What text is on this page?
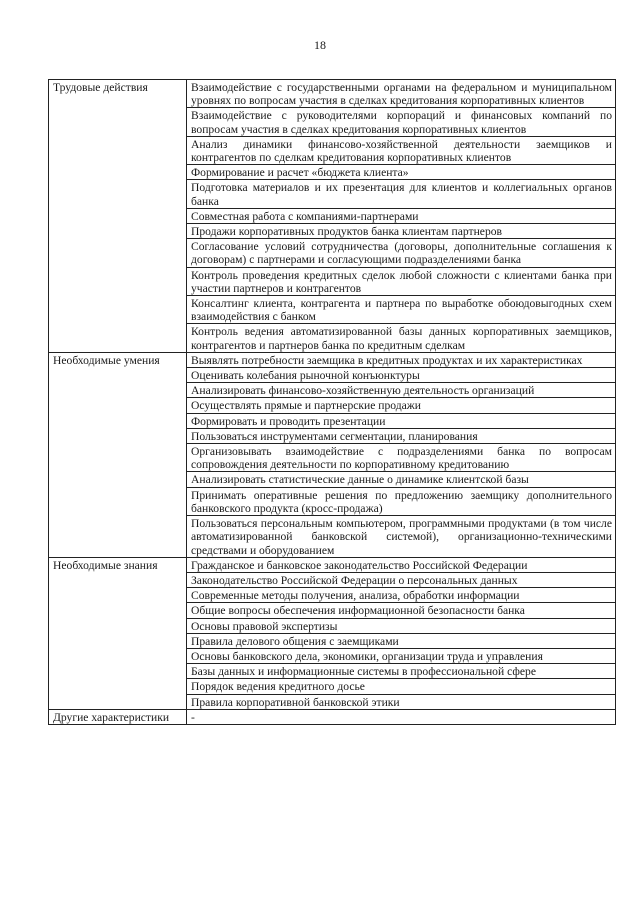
18
Трудовые действия	Взаимодействие с государственными органами на федеральном и муниципальном уровнях по вопросам участия в сделках кредитования корпоративных клиентов
	Взаимодействие с руководителями корпораций и финансовых компаний по вопросам участия в сделках кредитования корпоративных клиентов
	Анализ динамики финансово-хозяйственной деятельности заемщиков и контрагентов по сделкам кредитования корпоративных клиентов
	Формирование и расчет «бюджета клиента»
	Подготовка материалов и их презентация для клиентов и коллегиальных органов банка
	Совместная работа с компаниями-партнерами
	Продажи корпоративных продуктов банка клиентам партнеров
	Согласование условий сотрудничества (договоры, дополнительные соглашения к договорам) с партнерами и согласующими подразделениями банка
	Контроль проведения кредитных сделок любой сложности с клиентами банка при участии партнеров и контрагентов
	Консалтинг клиента, контрагента и партнера по выработке обоюдовыгодных схем взаимодействия с банком
	Контроль ведения автоматизированной базы данных корпоративных заемщиков, контрагентов и партнеров банка по кредитным сделкам
Необходимые умения	Выявлять потребности заемщика в кредитных продуктах и их характеристиках
	Оценивать колебания рыночной конъюнктуры
	Анализировать финансово-хозяйственную деятельность организаций
	Осуществлять прямые и партнерские продажи
	Формировать и проводить презентации
	Пользоваться инструментами сегментации, планирования
	Организовывать взаимодействие с подразделениями банка по вопросам сопровождения деятельности по корпоративному кредитованию
	Анализировать статистические данные о динамике клиентской базы
	Принимать оперативные решения по предложению заемщику дополнительного банковского продукта (кросс-продажа)
	Пользоваться персональным компьютером, программными продуктами (в том числе автоматизированной банковской системой), организационно-техническими средствами и оборудованием
Необходимые знания	Гражданское и банковское законодательство Российской Федерации
	Законодательство Российской Федерации о персональных данных
	Современные методы получения, анализа, обработки информации
	Общие вопросы обеспечения информационной безопасности банка
	Основы правовой экспертизы
	Правила делового общения с заемщиками
	Основы банковского дела, экономики, организации труда и управления
	Базы данных и информационные системы в профессиональной сфере
	Порядок ведения кредитного досье
	Правила корпоративной банковской этики
Другие характеристики	-
